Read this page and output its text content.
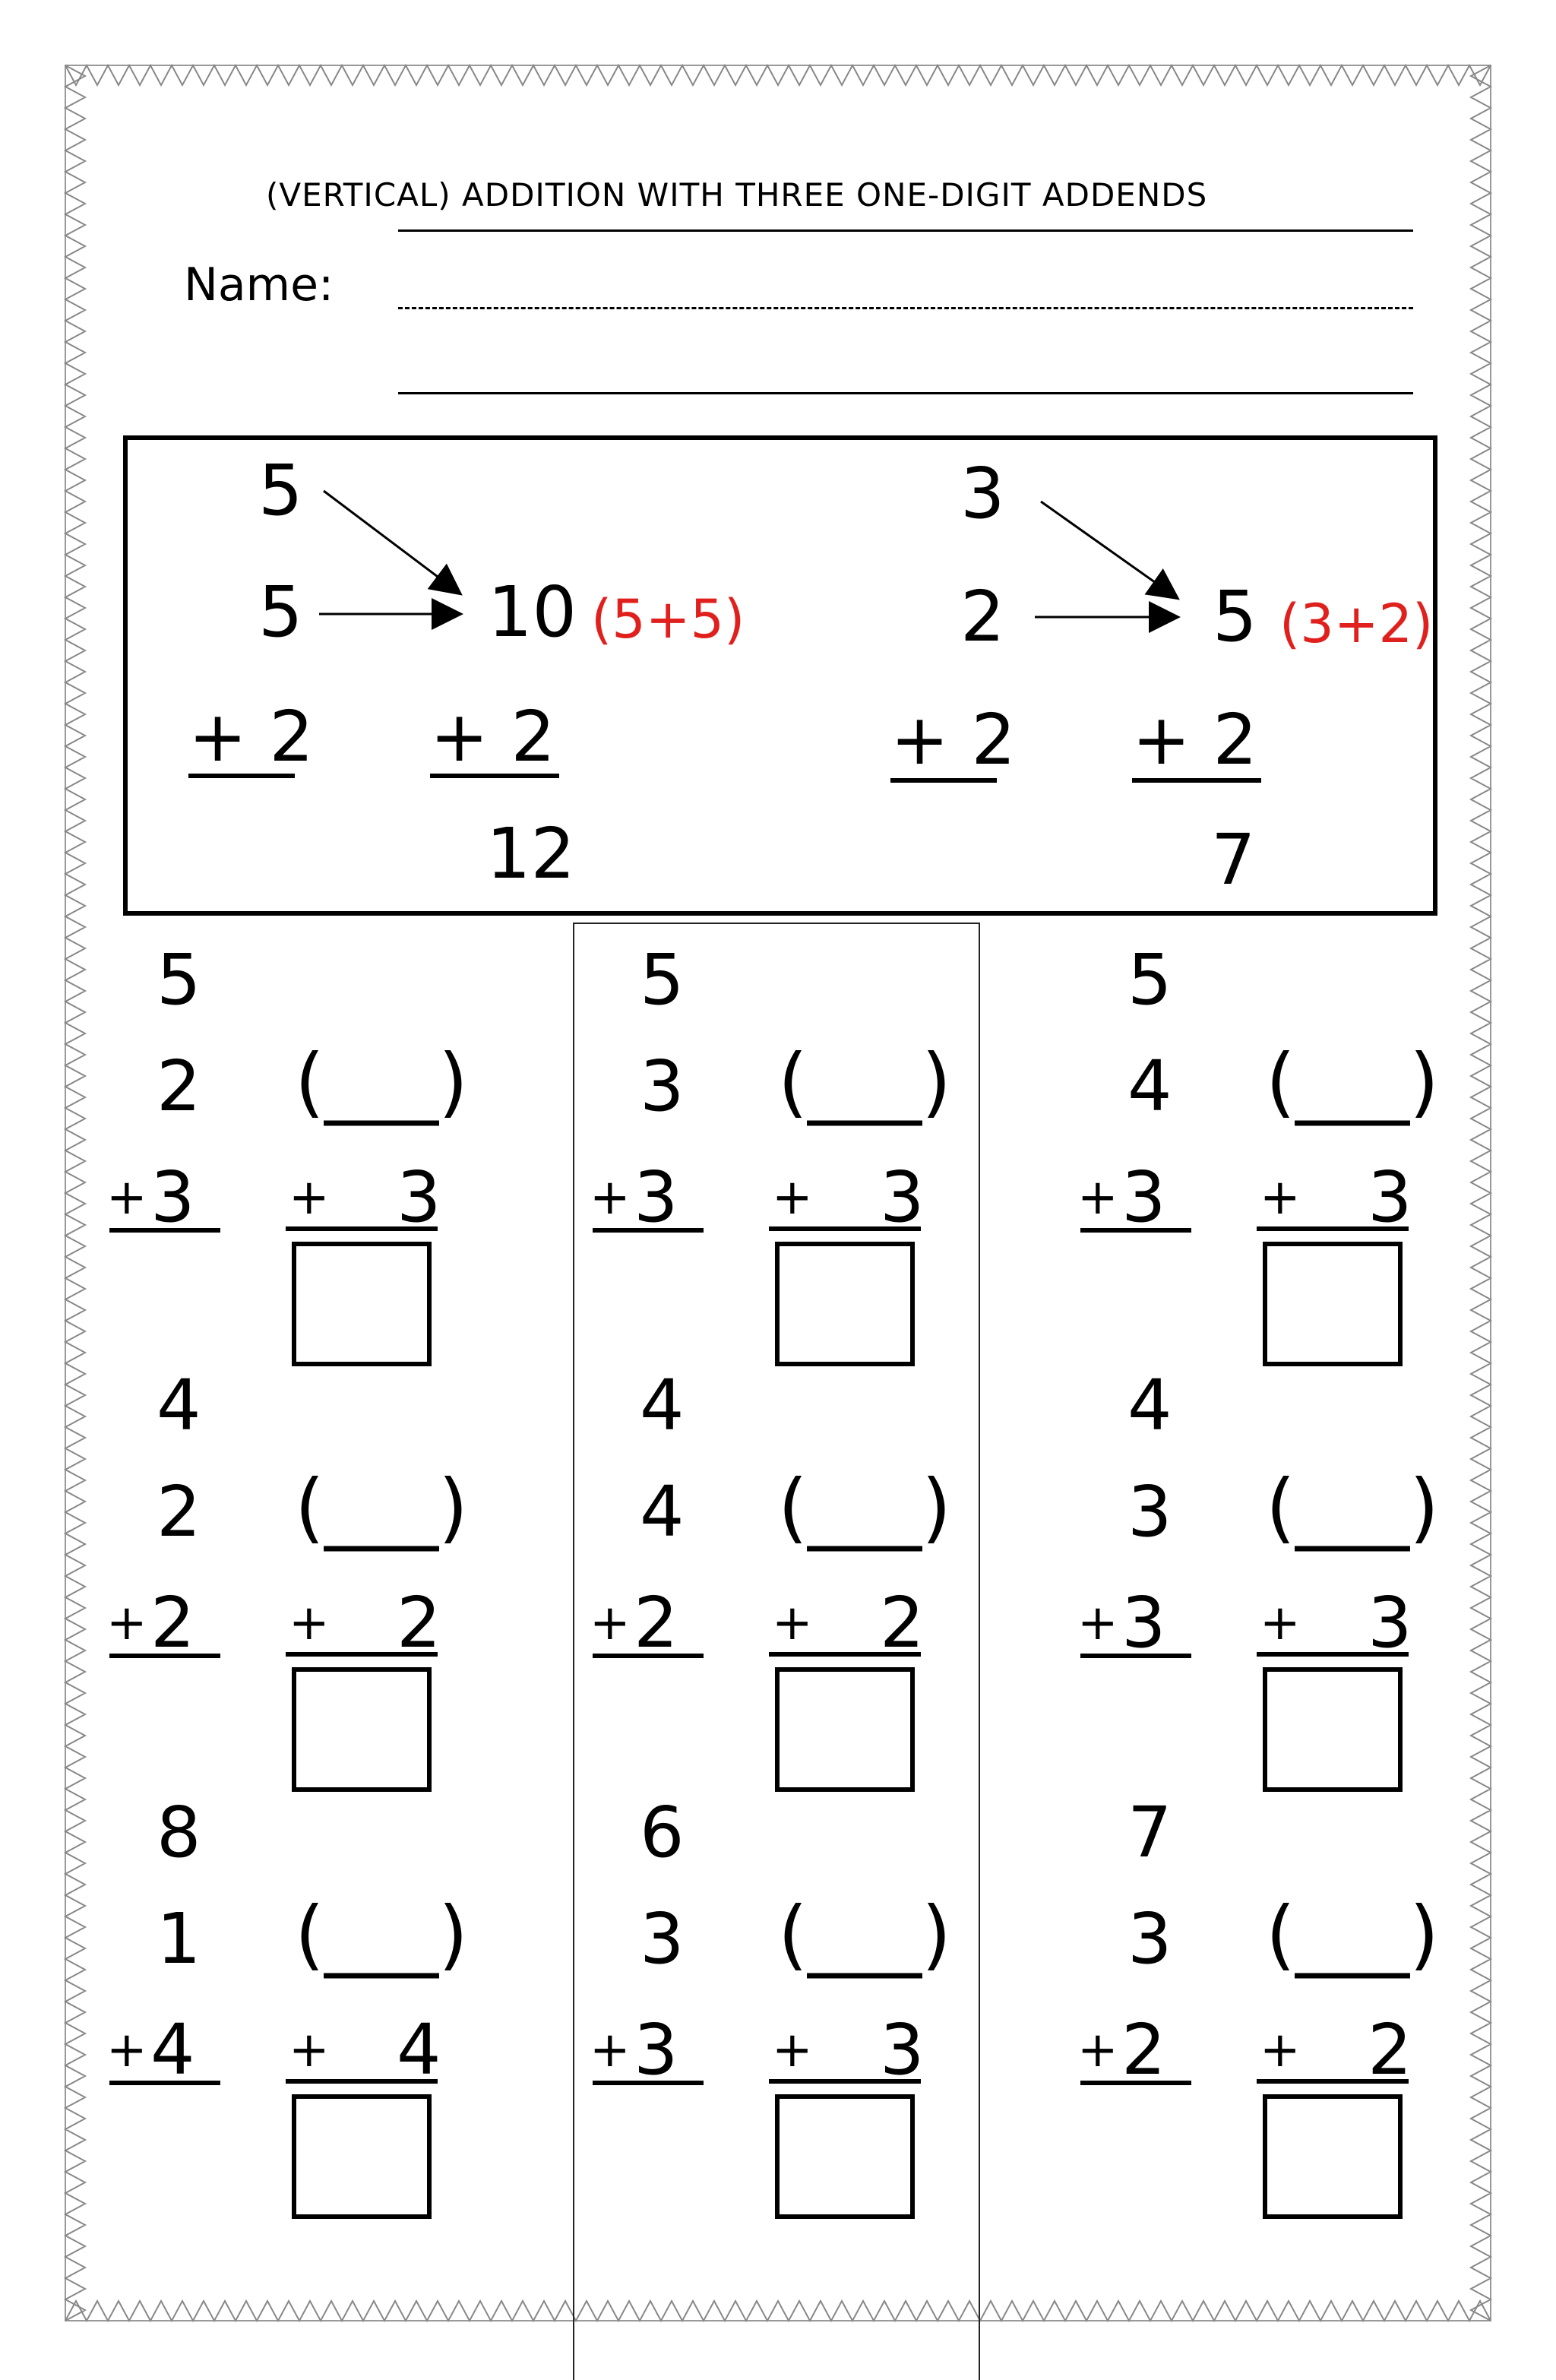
(VERTICAL) ADDITION WITH THREE ONE-DIGIT ADDENDS
Name:
5
5
+ 2
10 (5+5)
+ 2
12
3
2
+ 2
5 (3+2)
+ 2
7
5
2
+ 3
(___)
+ 3
4
2
+ 2
(___)
+ 2
8
1
+ 4
(___)
+ 4
5
3
+ 3
(___)
+ 3
4
4
+ 2
(___)
+ 2
6
3
+ 3
(___)
+ 3
5
4
+ 3
(___)
+ 3
4
3
+ 3
(___)
+ 3
7
3
+ 2
(___)
+ 2
